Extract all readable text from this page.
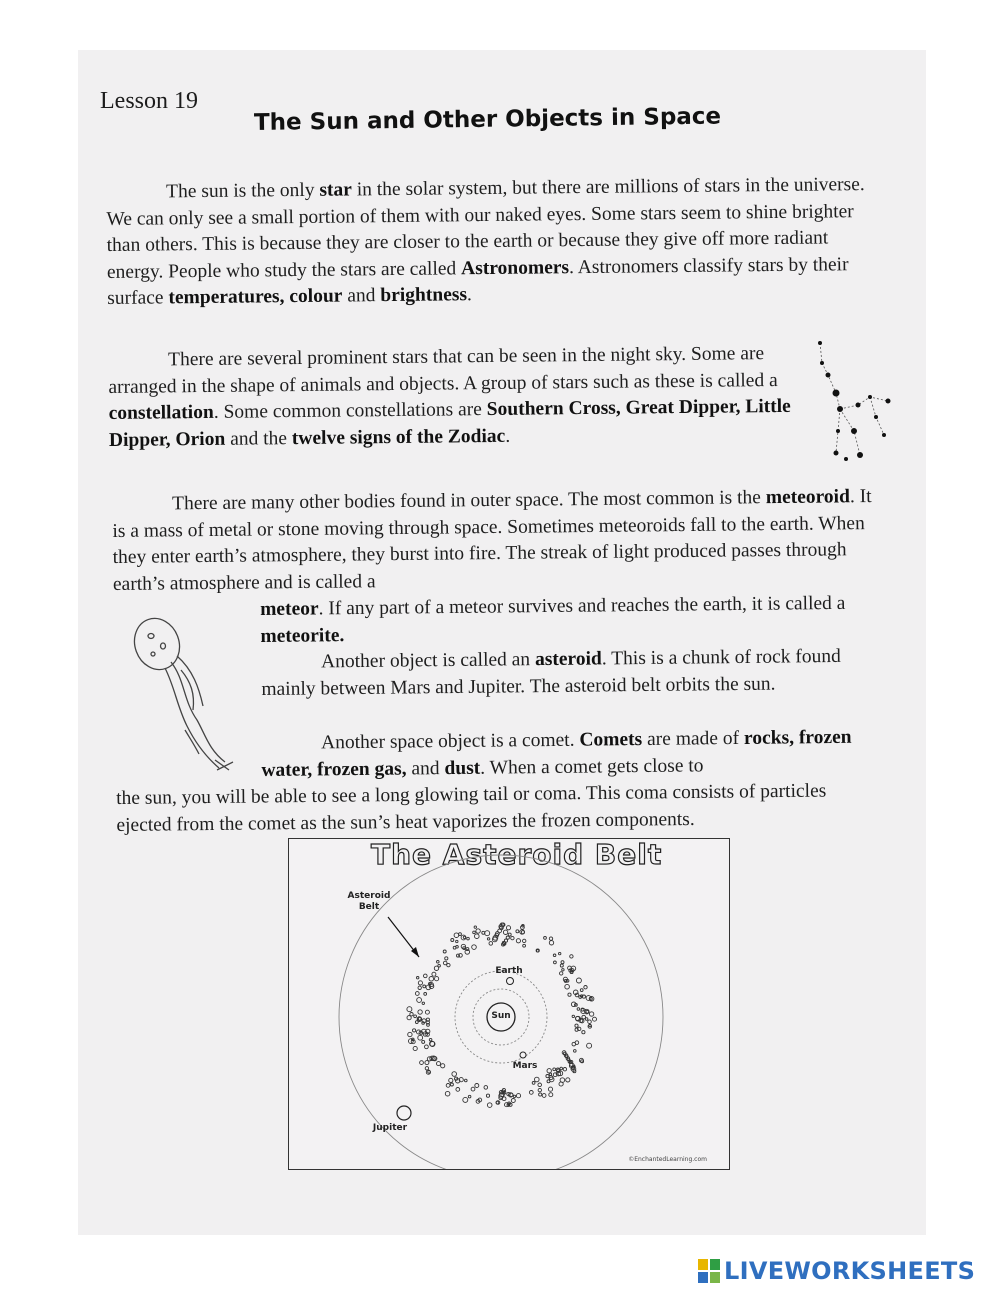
Lesson 19
The Sun and Other Objects in Space

The sun is the only star in the solar system, but there are millions of stars in the universe. We can only see a small portion of them with our naked eyes. Some stars seem to shine brighter than others. This is because they are closer to the earth or because they give off more radiant energy. People who study the stars are called Astronomers. Astronomers classify stars by their surface temperatures, colour and brightness.

There are several prominent stars that can be seen in the night sky. Some are arranged in the shape of animals and objects. A group of stars such as these is called a constellation. Some common constellations are Southern Cross, Great Dipper, Little Dipper, Orion and the twelve signs of the Zodiac.

There are many other bodies found in outer space. The most common is the meteoroid. It is a mass of metal or stone moving through space. Sometimes meteoroids fall to the earth. When they enter earth’s atmosphere, they burst into fire. The streak of light produced passes through earth’s atmosphere and is called a

meteor. If any part of a meteor survives and reaches the earth, it is called a meteorite.

Another object is called an asteroid. This is a chunk of rock found mainly between Mars and Jupiter. The asteroid belt orbits the sun.

Another space object is a comet. Comets are made of rocks, frozen water, frozen gas, and dust. When a comet gets close to

the sun, you will be able to see a long glowing tail or coma. This coma consists of particles ejected from the comet as the sun’s heat vaporizes the frozen components.

The Asteroid Belt
Asteroid Belt
Earth
Sun
Mars
Jupiter
©EnchantedLearning.com
LIVEWORKSHEETS
